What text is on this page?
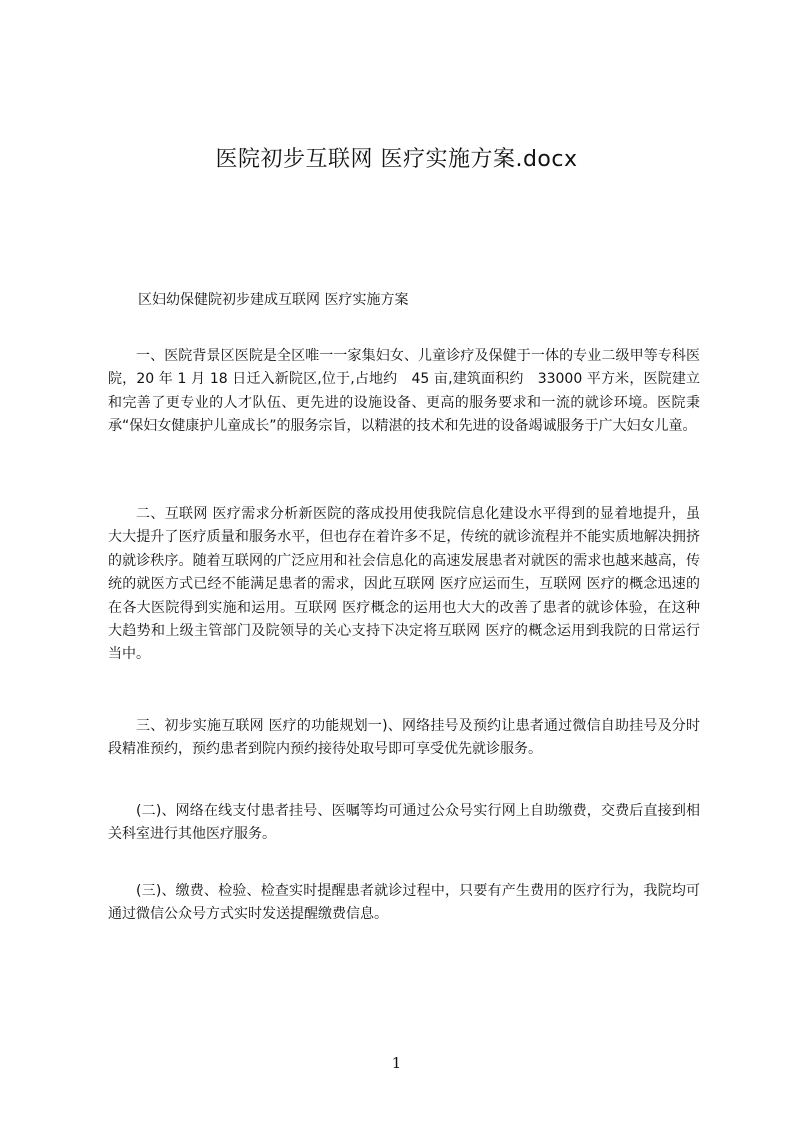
医院初步互联网 医疗实施方案.docx
区妇幼保健院初步建成互联网 医疗实施方案

一、医院背景区医院是全区唯一一家集妇女、儿童诊疗及保健于一体的专业二级甲等专科医院，20 年 1 月 18 日迁入新院区,位于,占地约　45 亩,建筑面积约　33000 平方米，医院建立和完善了更专业的人才队伍、更先进的设施设备、更高的服务要求和一流的就诊环境。医院秉承“保妇女健康护儿童成长”的服务宗旨，以精湛的技术和先进的设备竭诚服务于广大妇女儿童。

二、互联网 医疗需求分析新医院的落成投用使我院信息化建设水平得到的显着地提升，虽大大提升了医疗质量和服务水平，但也存在着许多不足，传统的就诊流程并不能实质地解决拥挤的就诊秩序。随着互联网的广泛应用和社会信息化的高速发展患者对就医的需求也越来越高，传统的就医方式已经不能满足患者的需求，因此互联网 医疗应运而生，互联网 医疗的概念迅速的在各大医院得到实施和运用。互联网 医疗概念的运用也大大的改善了患者的就诊体验，在这种大趋势和上级主管部门及院领导的关心支持下决定将互联网 医疗的概念运用到我院的日常运行当中。

三、初步实施互联网 医疗的功能规划一)、网络挂号及预约让患者通过微信自助挂号及分时段精准预约，预约患者到院内预约接待处取号即可享受优先就诊服务。

(二)、网络在线支付患者挂号、医嘱等均可通过公众号实行网上自助缴费，交费后直接到相关科室进行其他医疗服务。

(三)、缴费、检验、检查实时提醒患者就诊过程中，只要有产生费用的医疗行为，我院均可通过微信公众号方式实时发送提醒缴费信息。

1
